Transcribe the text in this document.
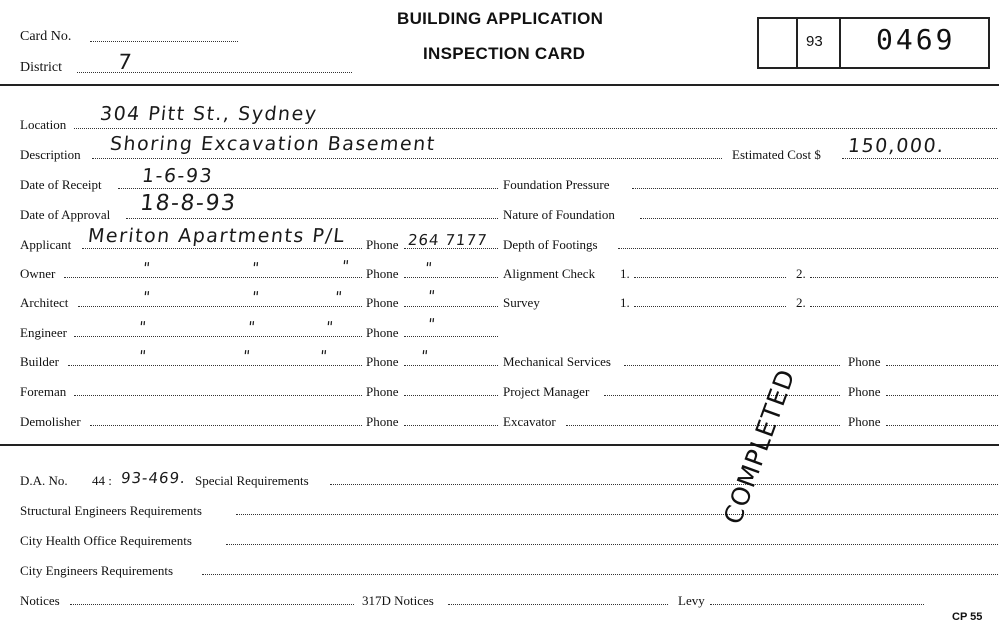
Card No.
District	7
BUILDING APPLICATION
INSPECTION CARD
93 0469
Location 304 Pitt St., Sydney
Description Shoring Excavation Basement	Estimated Cost $ 150,000.
Date of Receipt 1-6-93
Date of Approval 18-8-93
Applicant Meriton Apartments P/L Phone 264 7177
Owner	"	"	" Phone "
Architect	"	"	" Phone "
Engineer	"	"	" Phone "
Builder	"	"	"	Phone "
Foreman	Phone
Demolisher	Phone
Foundation Pressure
Nature of Foundation
Depth of Footings
Alignment Check 1.	2.
Survey	1.	2.
Mechanical Services	Phone
Project Manager	Phone
Excavator	Phone
D.A. No. 44 : 93-469. Special Requirements
Structural Engineers Requirements
City Health Office Requirements
City Engineers Requirements
Notices	317D Notices	Levy
CP 55
COMPLETED
